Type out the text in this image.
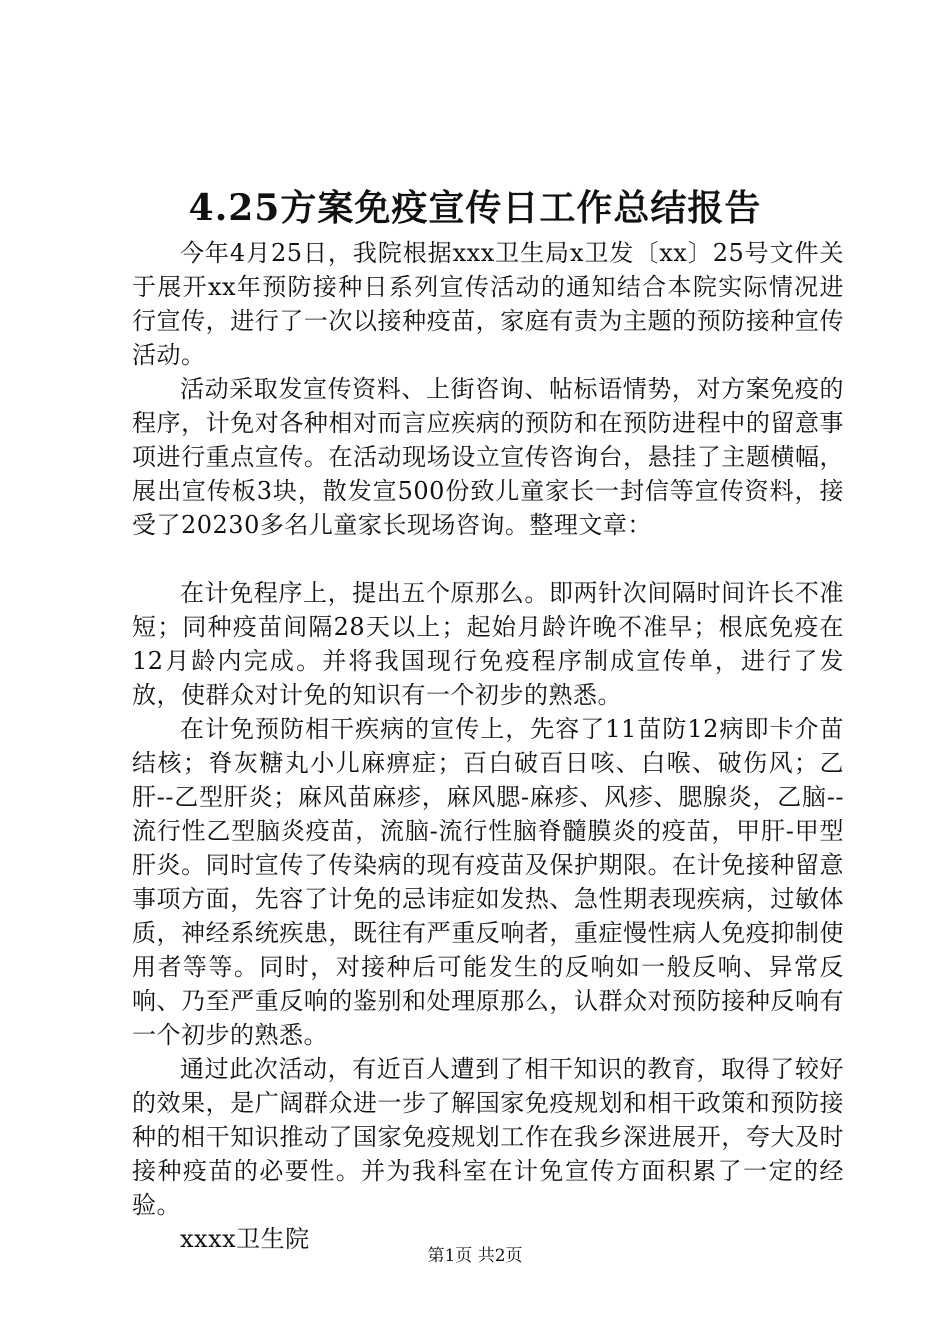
4.25方案免疫宣传日工作总结报告

今年4月25日，我院根据xxx卫生局x卫发〔xx〕25号文件关于展开xx年预防接种日系列宣传活动的通知结合本院实际情况进行宣传，进行了一次以接种疫苗，家庭有责为主题的预防接种宣传活动。

活动采取发宣传资料、上街咨询、帖标语情势，对方案免疫的程序，计免对各种相对而言应疾病的预防和在预防进程中的留意事项进行重点宣传。在活动现场设立宣传咨询台，悬挂了主题横幅，展出宣传板3块，散发宣500份致儿童家长一封信等宣传资料，接受了20230多名儿童家长现场咨询。整理文章：

在计免程序上，提出五个原那么。即两针次间隔时间许长不准短；同种疫苗间隔28天以上；起始月龄许晚不准早；根底免疫在12月龄内完成。并将我国现行免疫程序制成宣传单，进行了发放，使群众对计免的知识有一个初步的熟悉。

在计免预防相干疾病的宣传上，先容了11苗防12病即卡介苗结核；脊灰糖丸小儿麻痹症；百白破百日咳、白喉、破伤风；乙肝--乙型肝炎；麻风苗麻疹，麻风腮-麻疹、风疹、腮腺炎，乙脑--流行性乙型脑炎疫苗，流脑-流行性脑脊髓膜炎的疫苗，甲肝-甲型肝炎。同时宣传了传染病的现有疫苗及保护期限。在计免接种留意事项方面，先容了计免的忌讳症如发热、急性期表现疾病，过敏体质，神经系统疾患，既往有严重反响者，重症慢性病人免疫抑制使用者等等。同时，对接种后可能发生的反响如一般反响、异常反响、乃至严重反响的鉴别和处理原那么，认群众对预防接种反响有一个初步的熟悉。

通过此次活动，有近百人遭到了相干知识的教育，取得了较好的效果，是广阔群众进一步了解国家免疫规划和相干政策和预防接种的相干知识推动了国家免疫规划工作在我乡深进展开，夸大及时接种疫苗的必要性。并为我科室在计免宣传方面积累了一定的经验。

xxxx卫生院

第1页 共2页
